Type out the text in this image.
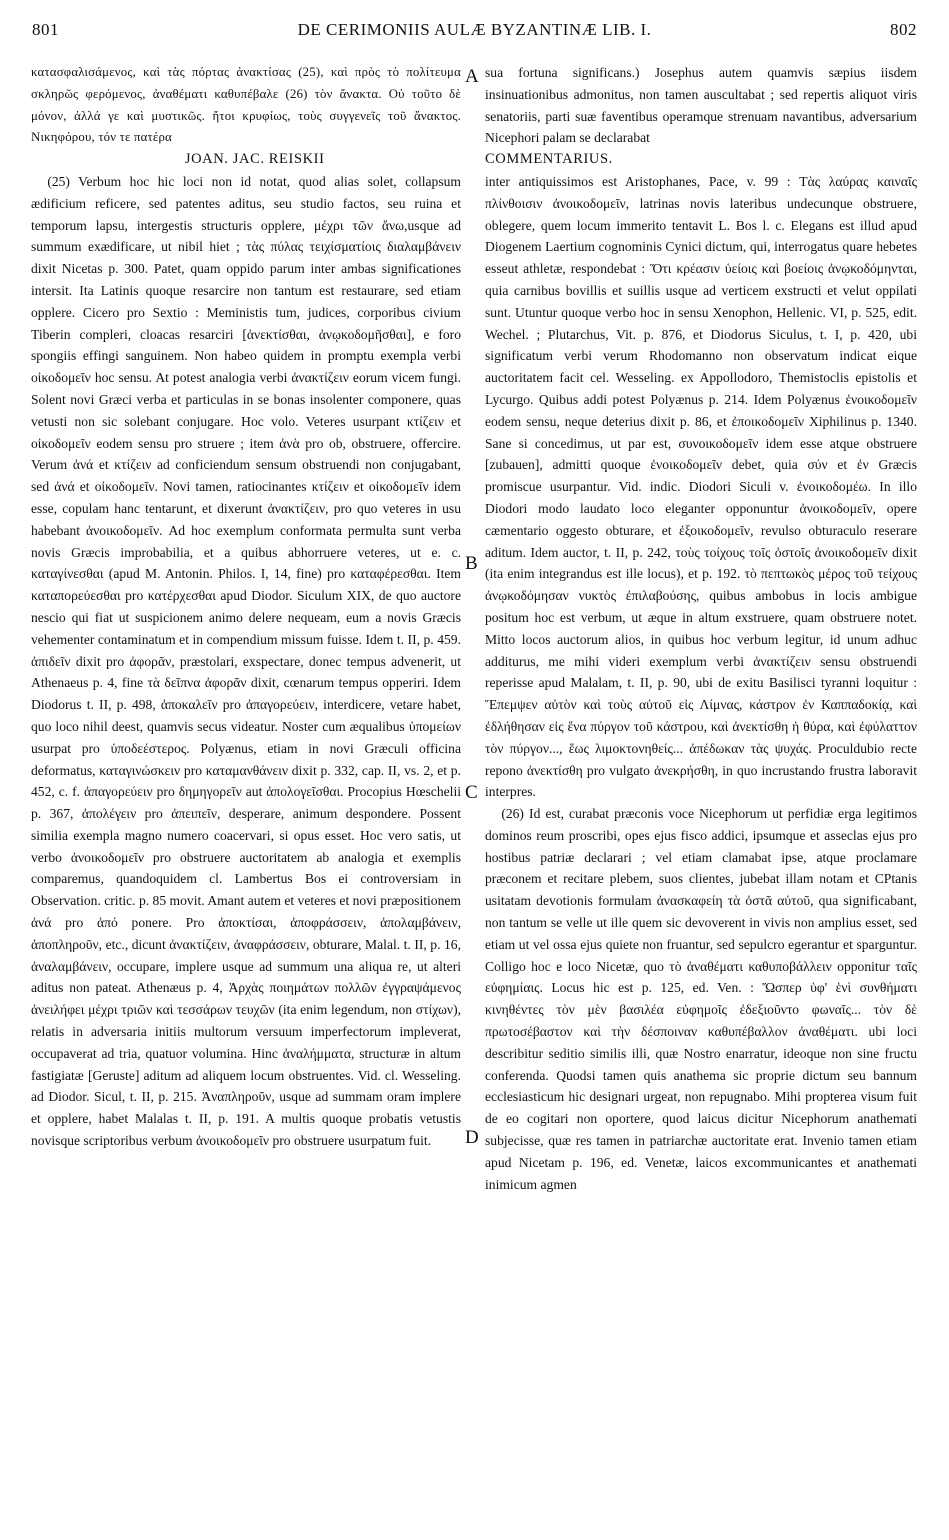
801	DE CERIMONIIS AULÆ BYZANTINÆ LIB. I.	802

κατασφαλισάμενος, καὶ τὰς πόρτας ἀνακτίσας (25), καὶ πρὸς τὸ πολίτευμα σκληρῶς φερόμενος, ἀναθέματι καθυπέβαλε (26) τὸν ἄνακτα. Οὐ τοῦτο δὲ μόνον, ἀλλά γε καὶ μυστικῶς. ἤτοι κρυφίως, τοὺς συγγενεῖς τοῦ ἄνακτος. Νικηφόρου, τόν τε πατέρα

JOAN. JAC. REISKII

(25) Verbum hoc hic loci non id notat, quod alias solet, collapsum ædificium reficere, sed patentes aditus, seu studio factos, seu ruina et temporum lapsu, intergestis structuris opplere, μέχρι τῶν ἄνω,usque ad summum exædificare, ut nibil hiet ; τὰς πύλας τειχίσματίοις διαλαμβάνειν dixit Nicetas p. 300. Patet, quam oppido parum inter ambas significationes intersit. Ita Latinis quoque resarcire non tantum est restaurare, sed etiam opplere. Cicero pro Sextio : Meministis tum, judices, corporibus civium Tiberin compleri, cloacas resarciri [ἀνεκτίσθαι, ἀνῳκοδομῆσθαι], e foro spongiis effingi sanguinem. Non habeo quidem in promptu exempla verbi οἰκοδομεῖν hoc sensu. At potest analogia verbi ἀνακτίζειν eorum vicem fungi. Solent novi Græci verba et particulas in se bonas insolenter componere, quas vetusti non sic solebant conjugare. Hoc volo. Veteres usurpant κτίζειν et οἰκοδομεῖν eodem sensu pro struere ; item ἀνὰ pro ob, obstruere, offercire. Verum ἀνά et κτίζειν ad conficiendum sensum obstruendi non conjugabant, sed ἀνά et οἰκοδομεῖν. Novi tamen, ratiocinantes κτίζειν et οἰκοδομεῖν idem esse, copulam hanc tentarunt, et dixerunt ἀνακτίζειν, pro quo veteres in usu habebant ἀνοικοδομεῖν. Ad hoc exemplum conformata permulta sunt verba novis Græcis improbabilia, et a quibus abhorruere veteres, ut e. c. καταγίνεσθαι (apud M. Antonin. Philos. I, 14, fine) pro καταφέρεσθαι. Item καταπορεύεσθαι pro κατέρχεσθαι apud Diodor. Siculum XIX, de quo auctore nescio qui fiat ut suspicionem animo delere nequeam, eum a novis Græcis vehementer contaminatum et in compendium missum fuisse. Idem t. II, p. 459. ἀπιδεῖν dixit pro ἀφορᾶν, præstolari, exspectare, donec tempus advenerit, ut Athenaeus p. 4, fine τὰ δεῖπνα ἀφορᾶν dixit, cœnarum tempus opperiri. Idem Diodorus t. II, p. 498, ἀποκαλεῖν pro ἀπαγορεύειν, interdicere, vetare habet, quo loco nihil deest, quamvis secus videatur. Noster cum æqualibus ὑπομείων usurpat pro ὑποδεέστερος. Polyænus, etiam in novi Græculi officina deformatus, καταγινώσκειν pro καταμανθάνειν dixit p. 332, cap. II, vs. 2, et p. 452, c. f. ἀπαγορεύειν pro δημηγορεῖν aut ἀπολογεῖσθαι. Procopius Hœschelii p. 367, ἀπολέγειν pro ἀπειπεῖν, desperare, animum despondere. Possent similia exempla magno numero coacervari, si opus esset. Hoc vero satis, ut verbo ἀνοικοδομεῖν pro obstruere auctoritatem ab analogia et exemplis comparemus, quandoquidem cl. Lambertus Bos ei controversiam in Observation. critic. p. 85 movit. Amant autem et veteres et novi præpositionem ἀνά pro ἀπό ponere. Pro ἀποκτίσαι, ἀποφράσσειν, ἀπολαμβάνειν, ἀποπληροῦν, etc., dicunt ἀνακτίζειν, ἀναφράσσειν, obturare, Malal. t. II, p. 16, ἀναλαμβάνειν, occupare, implere usque ad summum una aliqua re, ut alteri aditus non pateat. Athenæus p. 4, Ἀρχὰς ποιημάτων πολλῶν ἐγγραψάμενος ἀνειλήφει μέχρι τριῶν καὶ τεσσάρων τευχῶν (ita enim legendum, non στίχων), relatis in adversaria initiis multorum versuum imperfectorum impleverat, occupaverat ad tria, quatuor volumina. Hinc ἀναλήμματα, structuræ in altum fastigiatæ [Geruste] aditum ad aliquem locum obstruentes. Vid. cl. Wesseling. ad Diodor. Sicul, t. II, p. 215. Ἀναπληροῦν, usque ad summam oram implere et opplere, habet Malalas t. II, p. 191. A multis quoque probatis vetustis novisque scriptoribus verbum ἀνοικοδομεῖν pro obstruere usurpatum fuit.

sua fortuna significans.) Josephus autem quamvis sæpius iisdem insinuationibus admonitus, non tamen auscultabat ; sed repertis aliquot viris senatoriis, parti suæ faventibus operamque strenuam navantibus, adversarium Nicephori palam se declarabat

COMMENTARIUS.

inter antiquissimos est Aristophanes, Pace, v. 99 : Τὰς λαύρας καιναῖς πλίνθοισιν ἀνοικοδομεῖν, latrinas novis lateribus undecunque obstruere, oblegere, quem locum immerito tentavit L. Bos l. c. Elegans est illud apud Diogenem Laertium cognominis Cynici dictum, qui, interrogatus quare hebetes esseut athletæ, respondebat : Ὅτι κρέασιν ὑείοις καὶ βοείοις ἀνῳκοδόμηνται, quia carnibus bovillis et suillis usque ad verticem exstructi et velut oppilati sunt. Utuntur quoque verbo hoc in sensu Xenophon, Hellenic. VI, p. 525, edit. Wechel. ; Plutarchus, Vit. p. 876, et Diodorus Siculus, t. I, p. 420, ubi significatum verbi verum Rhodomanno non observatum indicat eique auctoritatem facit cel. Wesseling. ex Appollodoro, Themistoclis epistolis et Lycurgo. Quibus addi potest Polyænus p. 214. Idem Polyænus ἐνοικοδομεῖν eodem sensu, neque deterius dixit p. 86, et ἐποικοδομεῖν Xiphilinus p. 1340. Sane si concedimus, ut par est, συνοικοδομεῖν idem esse atque obstruere [zubauen], admitti quoque ἐνοικοδομεῖν debet, quia σύν et ἐν Græcis promiscue usurpantur. Vid. indic. Diodori Siculi v. ἐνοικοδομέω. In illo Diodori modo laudato loco eleganter opponuntur ἀνοικοδομεῖν, opere cæmentario oggesto obturare, et ἐξοικοδομεῖν, revulso obturaculo reserare aditum. Idem auctor, t. II, p. 242, τοὺς τοίχους τοῖς ὀστοῖς ἀνοικοδομεῖν dixit (ita enim integrandus est ille locus), et p. 192. τὸ πεπτωκὸς μέρος τοῦ τείχους ἀνῳκοδόμησαν νυκτὸς ἐπιλαβούσης, quibus ambobus in locis ambigue positum hoc est verbum, ut æque in altum exstruere, quam obstruere notet. Mitto locos auctorum alios, in quibus hoc verbum legitur, id unum adhuc additurus, me mihi videri exemplum verbi ἀνακτίζειν sensu obstruendi reperisse apud Malalam, t. II, p. 90, ubi de exitu Basilisci tyranni loquitur : Ἔπεμψεν αὐτὸν καὶ τοὺς αὐτοῦ εἰς Λίμνας, κάστρον ἐν Καππαδοκίᾳ, καὶ ἐδλήθησαν εἰς ἕνα πύργον τοῦ κάστρου, καὶ ἀνεκτίσθη ἡ θύρα, καὶ ἐφύλαττον τὸν πύργον..., ἕως λιμοκτονηθείς... ἀπέδωκαν τὰς ψυχάς. Proculdubio recte repono ἀνεκτίσθη pro vulgato ἀνεκρήσθη, in quo incrustando frustra laboravit interpres.

(26) Id est, curabat præconis voce Nicephorum ut perfidiæ erga legitimos dominos reum proscribi, opes ejus fisco addici, ipsumque et asseclas ejus pro hostibus patriæ declarari ; vel etiam clamabat ipse, atque proclamare præconem et recitare plebem, suos clientes, jubebat illam notam et CPtanis usitatam devotionis formulam ἀνασκαφείη τὰ ὀστᾶ αὐτοῦ, qua significabant, non tantum se velle ut ille quem sic devoverent in vivis non amplius esset, sed etiam ut vel ossa ejus quiete non fruantur, sed sepulcro egerantur et sparguntur. Colligo hoc e loco Nicetæ, quo τὸ ἀναθέματι καθυποβάλλειν opponitur ταῖς εὐφημίαις. Locus hic est p. 125, ed. Ven. : Ὥσπερ ὑφ' ἑνὶ συνθήματι κινηθέντες τὸν μὲν βασιλέα εὐφημοῖς ἐδεξιοῦντο φωναῖς... τὸν δὲ πρωτοσέβαστον καὶ τὴν δέσποιναν καθυπέβαλλον ἀναθέματι. ubi loci describitur seditio similis illi, quæ Nostro enarratur, ideoque non sine fructu conferenda. Quodsi tamen quis anathema sic proprie dictum seu bannum ecclesiasticum hic designari urgeat, non repugnabo. Mihi propterea visum fuit de eo cogitari non oportere, quod laicus dicitur Nicephorum anathemati subjecisse, quæ res tamen in patriarchæ auctoritate erat. Invenio tamen etiam apud Nicetam p. 196, ed. Venetæ, laicos excommunicantes et anathemati inimicum agmen

A
B
C
D
